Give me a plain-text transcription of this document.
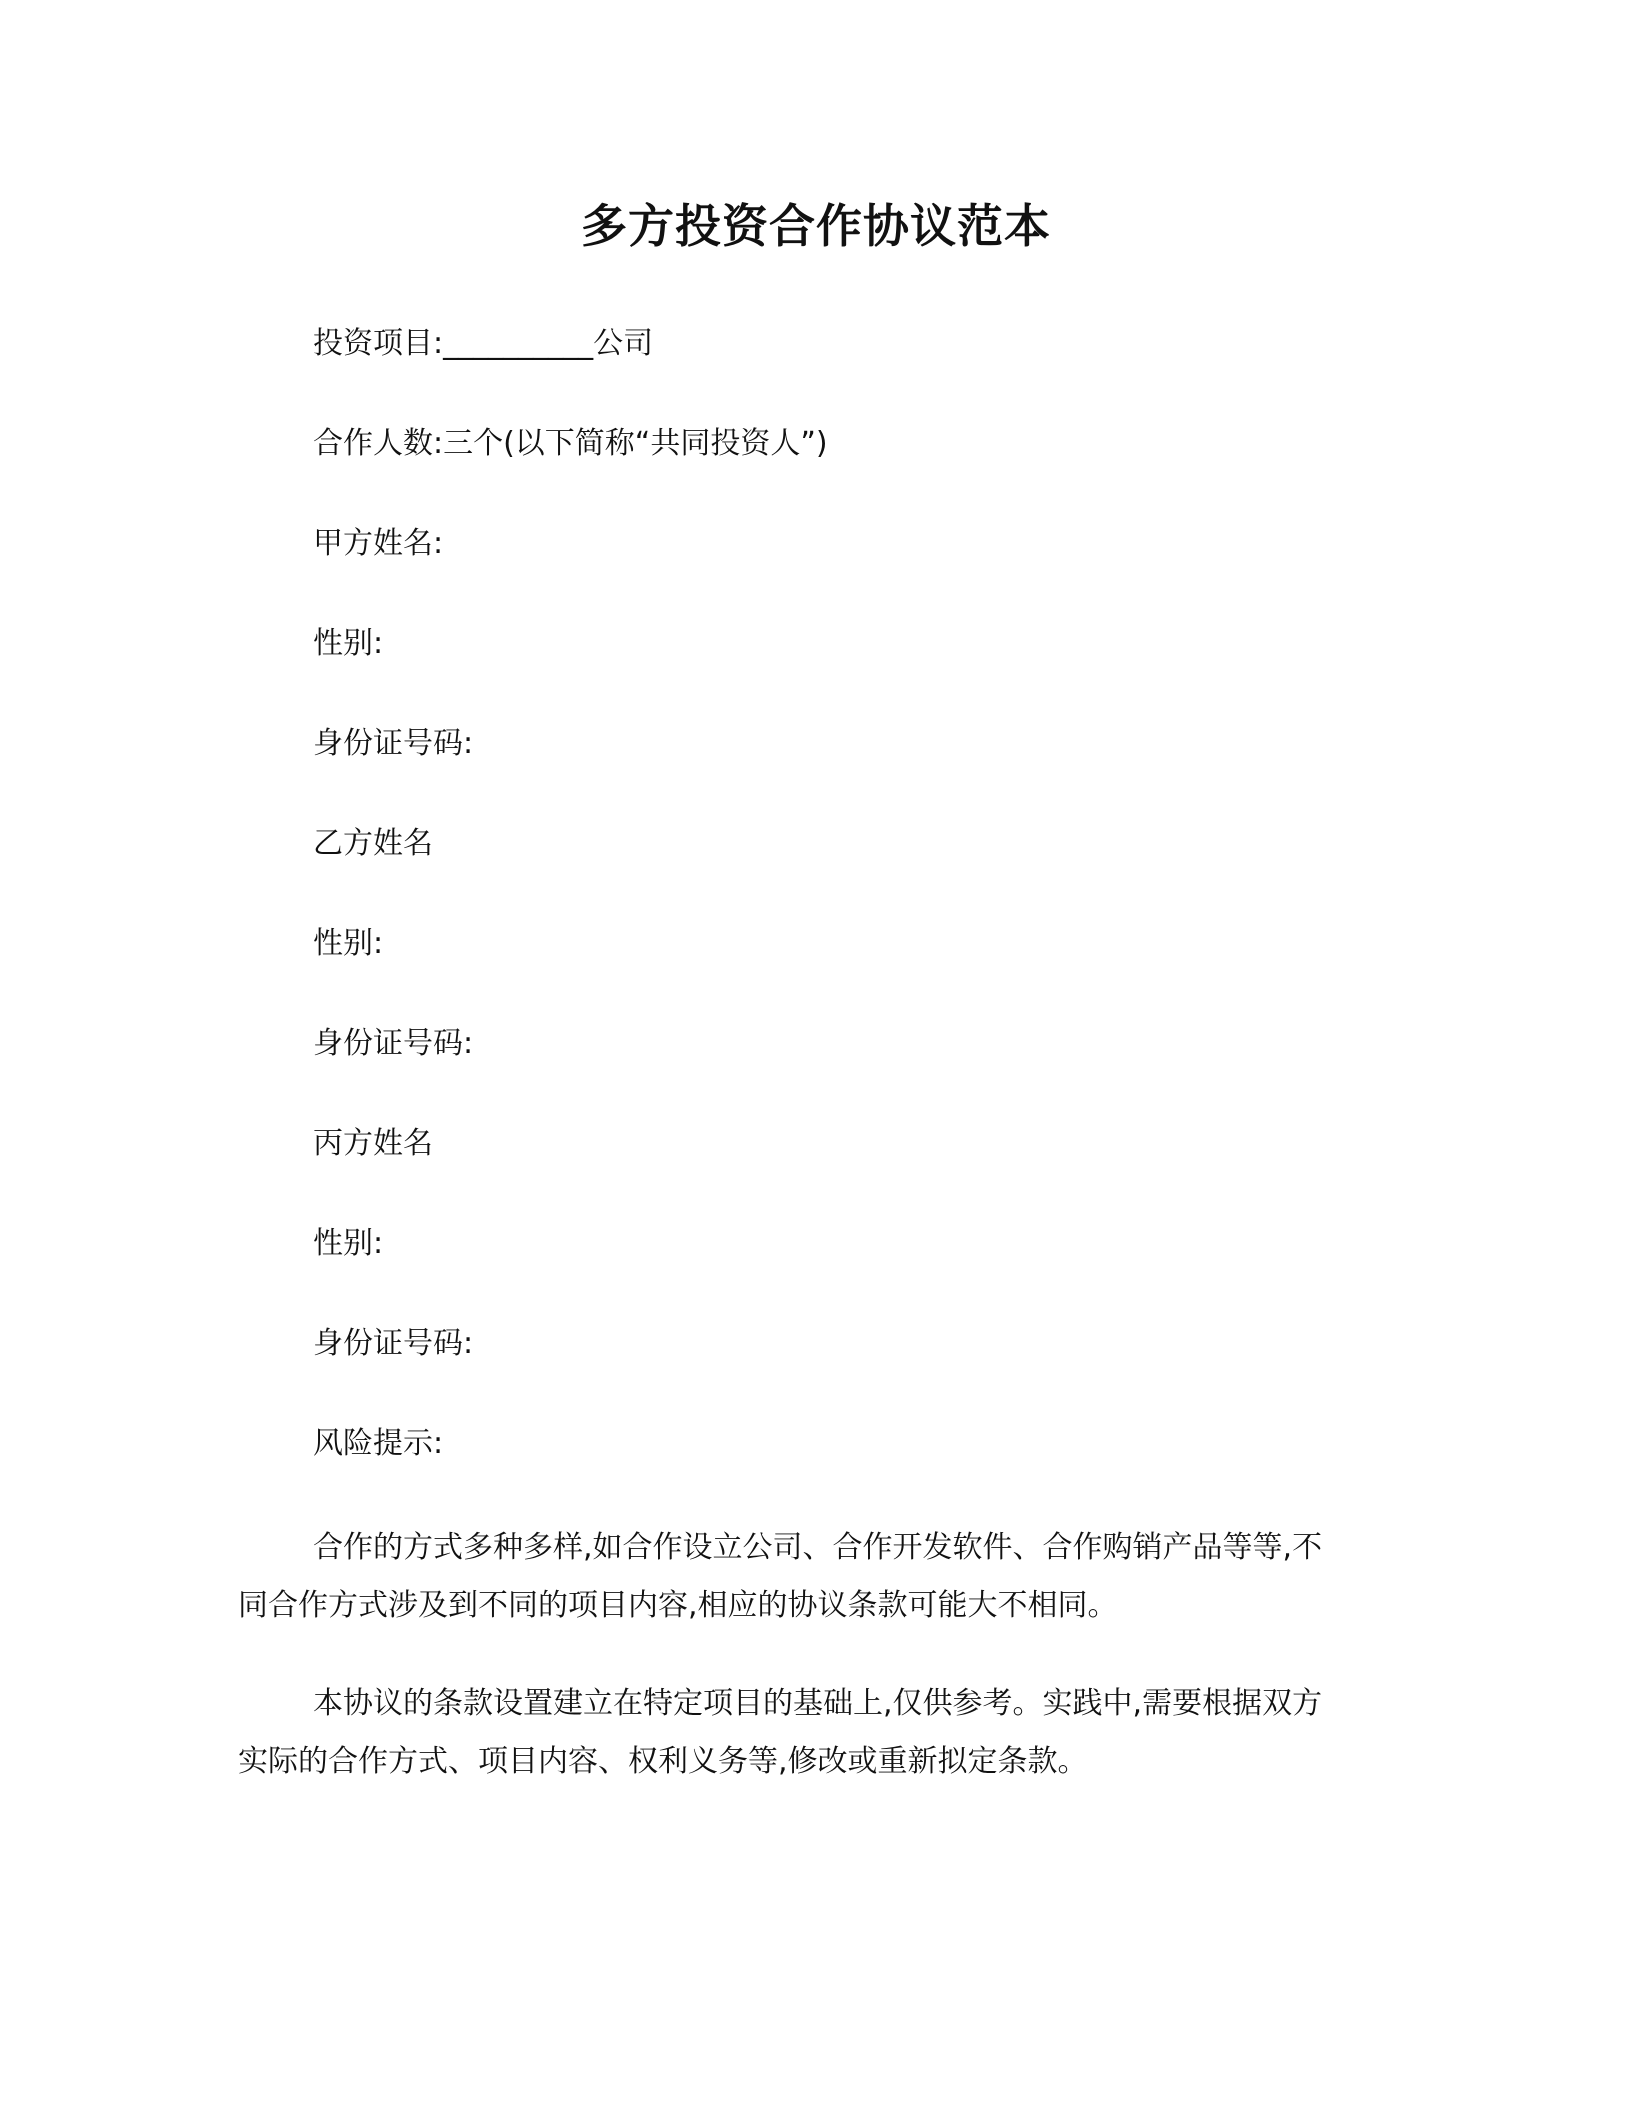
多方投资合作协议范本
投资项目:__________公司
合作人数:三个(以下简称“共同投资人”)
甲方姓名:
性别:
身份证号码:
乙方姓名
性别:
身份证号码:
丙方姓名
性别:
身份证号码:
风险提示:
合作的方式多种多样,如合作设立公司、合作开发软件、合作购销产品等等,不
同合作方式涉及到不同的项目内容,相应的协议条款可能大不相同。
本协议的条款设置建立在特定项目的基础上,仅供参考。实践中,需要根据双方
实际的合作方式、项目内容、权利义务等,修改或重新拟定条款。
